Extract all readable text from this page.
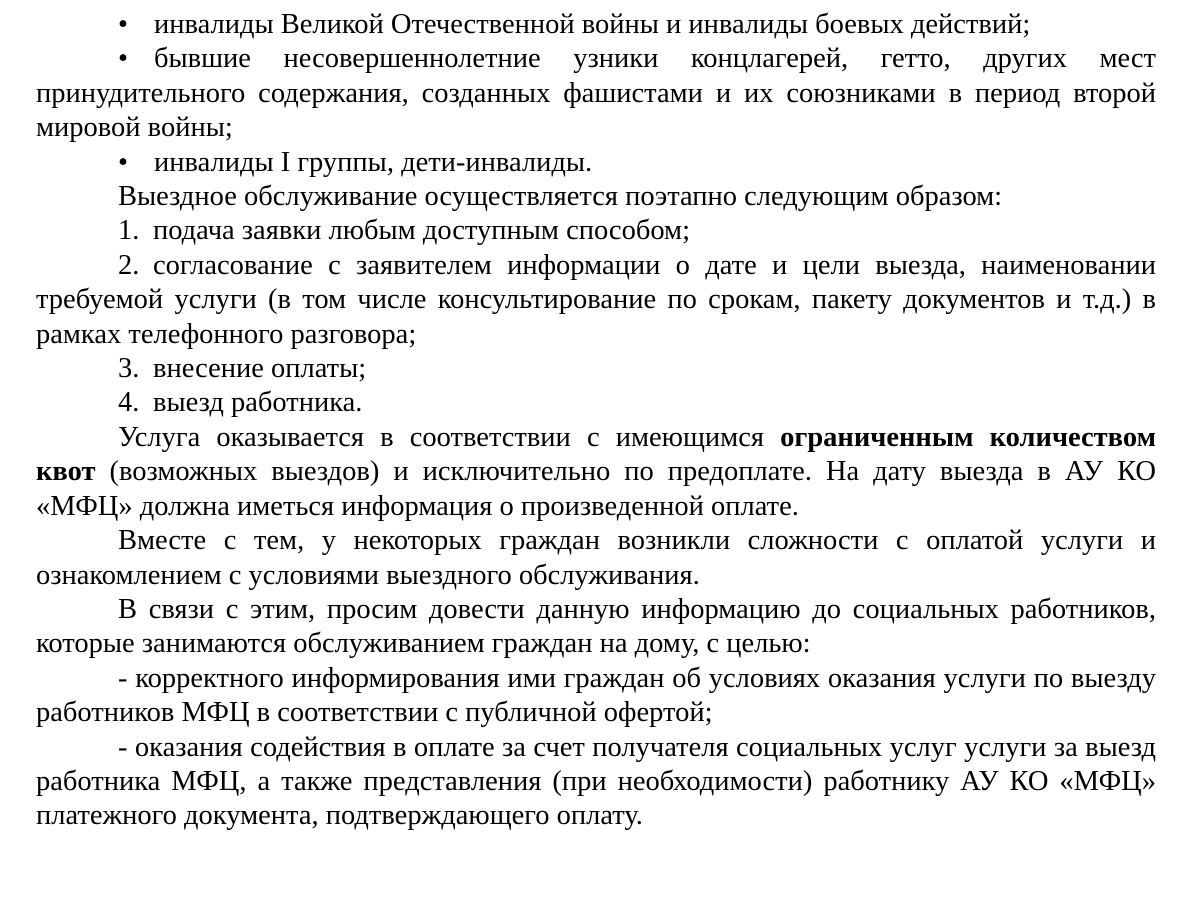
• инвалиды Великой Отечественной войны и инвалиды боевых действий;

• бывшие несовершеннолетние узники концлагерей, гетто, других мест принудительного содержания, созданных фашистами и их союзниками в период второй мировой войны;

• инвалиды I группы, дети-инвалиды.

Выездное обслуживание осуществляется поэтапно следующим образом:

1. подача заявки любым доступным способом;

2. согласование с заявителем информации о дате и цели выезда, наименовании требуемой услуги (в том числе консультирование по срокам, пакету документов и т.д.) в рамках телефонного разговора;

3. внесение оплаты;

4. выезд работника.

Услуга оказывается в соответствии с имеющимся ограниченным количеством квот (возможных выездов) и исключительно по предоплате. На дату выезда в АУ КО «МФЦ» должна иметься информация о произведенной оплате.

Вместе с тем, у некоторых граждан возникли сложности с оплатой услуги и ознакомлением с условиями выездного обслуживания.

В связи с этим, просим довести данную информацию до социальных работников, которые занимаются обслуживанием граждан на дому, с целью:

- корректного информирования ими граждан об условиях оказания услуги по выезду работников МФЦ в соответствии с публичной офертой;

- оказания содействия в оплате за счет получателя социальных услуг услуги за выезд работника МФЦ, а также представления (при необходимости) работнику АУ КО «МФЦ» платежного документа, подтверждающего оплату.
